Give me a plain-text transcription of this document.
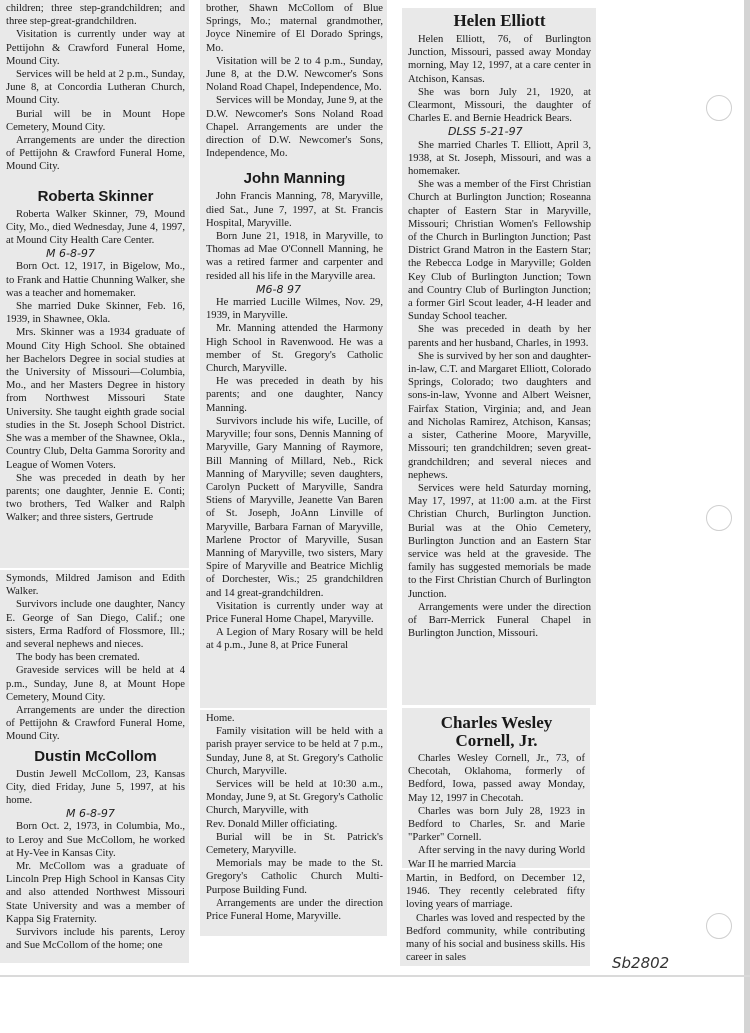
children; three step-grandchildren; and three step-great-grandchildren.

Visitation is currently under way at Pettijohn & Crawford Funeral Home, Mound City.

Services will be held at 2 p.m., Sunday, June 8, at Concordia Lutheran Church, Mound City.

Burial will be in Mount Hope Cemetery, Mound City.

Arrangements are under the direction of Pettijohn & Crawford Funeral Home, Mound City.

Roberta Skinner

Roberta Walker Skinner, 79, Mound City, Mo., died Wednesday, June 4, 1997, at Mound City Health Care Center.

M 6-8-97

Born Oct. 12, 1917, in Bigelow, Mo., to Frank and Hattie Chunning Walker, she was a teacher and homemaker.

She married Duke Skinner, Feb. 16, 1939, in Shawnee, Okla.

Mrs. Skinner was a 1934 graduate of Mound City High School. She obtained her Bachelors Degree in social studies at the University of Missouri—Columbia, Mo., and her Masters Degree in history from Northwest Missouri State University. She taught eighth grade social studies in the St. Joseph School District. She was a member of the Shawnee, Okla., Country Club, Delta Gamma Sorority and League of Women Voters.

She was preceded in death by her parents; one daughter, Jennie E. Conti; two brothers, Ted Walker and Ralph Walker; and three sisters, Gertrude

Symonds, Mildred Jamison and Edith Walker.

Survivors include one daughter, Nancy E. George of San Diego, Calif.; one sisters, Erma Radford of Flossmore, Ill.; and several nephews and nieces.

The body has been cremated.

Graveside services will be held at 4 p.m., Sunday, June 8, at Mount Hope Cemetery, Mound City.

Arrangements are under the direction of Pettijohn & Crawford Funeral Home, Mound City.

Dustin McCollom

Dustin Jewell McCollom, 23, Kansas City, died Friday, June 5, 1997, at his home.

M 6-8-97

Born Oct. 2, 1973, in Columbia, Mo., to Leroy and Sue McCollom, he worked at Hy-Vee in Kansas City.

Mr. McCollom was a graduate of Lincoln Prep High School in Kansas City and also attended Northwest Missouri State University and was a member of Kappa Sig Fraternity.

Survivors include his parents, Leroy and Sue McCollom of the home; one

brother, Shawn McCollom of Blue Springs, Mo.; maternal grandmother, Joyce Ninemire of El Dorado Springs, Mo.

Visitation will be 2 to 4 p.m., Sunday, June 8, at the D.W. Newcomer's Sons Noland Road Chapel, Independence, Mo.

Services will be Monday, June 9, at the D.W. Newcomer's Sons Noland Road Chapel. Arrangements are under the direction of D.W. Newcomer's Sons, Independence, Mo.

John Manning

John Francis Manning, 78, Maryville, died Sat., June 7, 1997, at St. Francis Hospital, Maryville.

Born June 21, 1918, in Maryville, to Thomas ad Mae O'Connell Manning, he was a retired farmer and carpenter and resided all his life in the Maryville area.

M6-8 97

He married Lucille Wilmes, Nov. 29, 1939, in Maryville.

Mr. Manning attended the Harmony High School in Ravenwood. He was a member of St. Gregory's Catholic Church, Maryville.

He was preceded in death by his parents; and one daughter, Nancy Manning.

Survivors include his wife, Lucille, of Maryville; four sons, Dennis Manning of Maryville, Gary Manning of Raymore, Bill Manning of Millard, Neb., Rick Manning of Maryville; seven daughters, Carolyn Puckett of Maryville, Sandra Stiens of Maryville, Jeanette Van Baren of St. Joseph, JoAnn Linville of Maryville, Barbara Farnan of Maryville, Marlene Proctor of Maryville, Susan Manning of Maryville, two sisters, Mary Spire of Maryville and Beatrice Michlig of Dorchester, Wis.; 25 grandchildren and 14 great-grandchildren.

Visitation is currently under way at Price Funeral Home Chapel, Maryville.

A Legion of Mary Rosary will be held at 4 p.m., June 8, at Price Funeral

Home.

Family visitation will be held with a parish prayer service to be held at 7 p.m., Sunday, June 8, at St. Gregory's Catholic Church, Maryville.

Services will be held at 10:30 a.m., Monday, June 9, at St. Gregory's Catholic Church, Maryville, with

Rev. Donald Miller officiating.

Burial will be in St. Patrick's Cemetery, Maryville.

Memorials may be made to the St. Gregory's Catholic Church Multi-Purpose Building Fund.

Arrangements are under the direction Price Funeral Home, Maryville.

Helen Elliott

Helen Elliott, 76, of Burlington Junction, Missouri, passed away Monday morning, May 12, 1997, at a care center in Atchison, Kansas.

She was born July 21, 1920, at Clearmont, Missouri, the daughter of Charles E. and Bernie Headrick Bears.

DLSS 5-21-97

She married Charles T. Elliott, April 3, 1938, at St. Joseph, Missouri, and was a homemaker.

She was a member of the First Christian Church at Burlington Junction; Roseanna chapter of Eastern Star in Maryville, Missouri; Christian Women's Fellowship of the Church in Burlington Junction; Past District Grand Matron in the Eastern Star; the Rebecca Lodge in Maryville; Golden Key Club of Burlington Junction; Town and Country Club of Burlington Junction; a former Girl Scout leader, 4-H leader and Sunday School teacher.

She was preceded in death by her parents and her husband, Charles, in 1993.

She is survived by her son and daughter-in-law, C.T. and Margaret Elliott, Colorado Springs, Colorado; two daughters and sons-in-law, Yvonne and Albert Weisner, Fairfax Station, Virginia; and, and Jean and Nicholas Ramirez, Atchison, Kansas; a sister, Catherine Moore, Maryville, Missouri; ten grandchildren; seven great-grandchildren; and several nieces and nephews.

Services were held Saturday morning, May 17, 1997, at 11:00 a.m. at the First Christian Church, Burlington Junction. Burial was at the Ohio Cemetery, Burlington Junction and an Eastern Star service was held at the graveside. The family has suggested memorials be made to the First Christian Church of Burlington Junction.

Arrangements were under the direction of Barr-Merrick Funeral Chapel in Burlington Junction, Missouri.

Charles Wesley
Cornell, Jr.

Charles Wesley Cornell, Jr., 73, of Checotah, Oklahoma, formerly of Bedford, Iowa, passed away Monday, May 12, 1997 in Checotah.

Charles was born July 28, 1923 in Bedford to Charles, Sr. and Marie "Parker" Cornell.

After serving in the navy during World War II he married Marcia

Martin, in Bedford, on December 12, 1946. They recently celebrated fifty loving years of marriage.

Charles was loved and respected by the Bedford community, while contributing many of his social and business skills. His career in sales	Sb2802
